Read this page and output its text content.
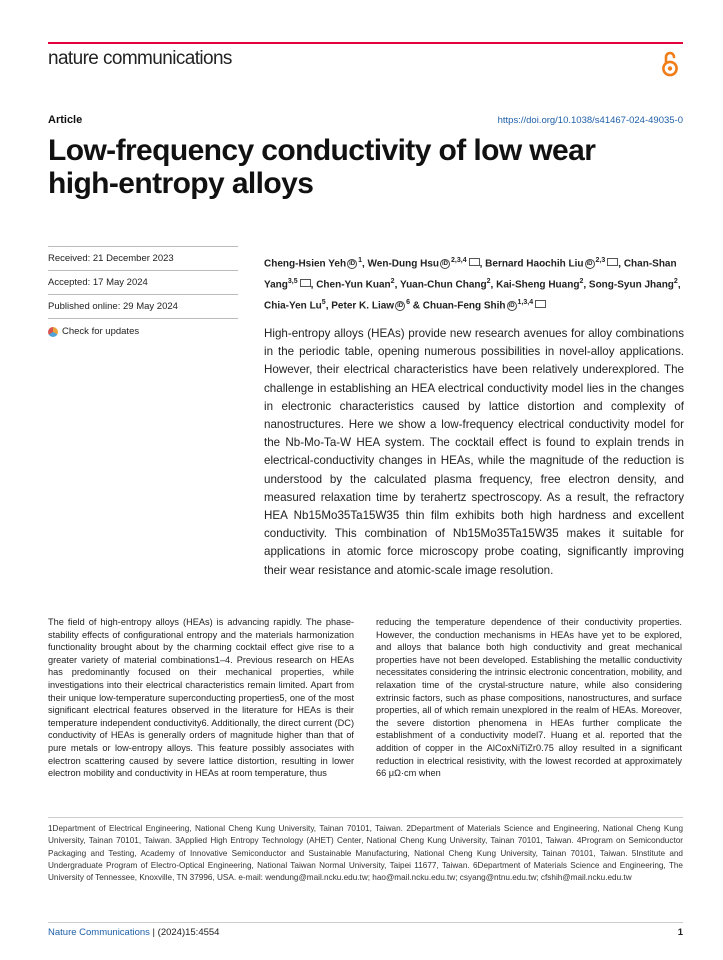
nature communications
Article	https://doi.org/10.1038/s41467-024-49035-0
Low-frequency conductivity of low wear high-entropy alloys
Received: 21 December 2023
Accepted: 17 May 2024
Published online: 29 May 2024
Check for updates
Cheng-Hsien Yeh $iD^1$, Wen-Dung Hsu iD$^{2,3,4}$ , Bernard Haochih Liu iD$^{2,3}$ , Chan-Shan Yang$^{3,5}$ , Chen-Yun Kuan$^2$, Yuan-Chun Chang$^2$, Kai-Sheng Huang$^2$, Song-Syun Jhang$^2$, Chia-Yen Lu$^5$, Peter K. Liaw $iD^6$ & Chuan-Feng Shih iD$^{1,3,4}$
High-entropy alloys (HEAs) provide new research avenues for alloy combinations in the periodic table, opening numerous possibilities in novel-alloy applications. However, their electrical characteristics have been relatively underexplored. The challenge in establishing an HEA electrical conductivity model lies in the changes in electronic characteristics caused by lattice distortion and complexity of nanostructures. Here we show a low-frequency electrical conductivity model for the Nb-Mo-Ta-W HEA system. The cocktail effect is found to explain trends in electrical-conductivity changes in HEAs, while the magnitude of the reduction is understood by the calculated plasma frequency, free electron density, and measured relaxation time by terahertz spectroscopy. As a result, the refractory HEA Nb15Mo35Ta15W35 thin film exhibits both high hardness and excellent conductivity. This combination of Nb15Mo35Ta15W35 makes it suitable for applications in atomic force microscopy probe coating, significantly improving their wear resistance and atomic-scale image resolution.
The field of high-entropy alloys (HEAs) is advancing rapidly. The phase-stability effects of configurational entropy and the materials harmonization functionality brought about by the charming cocktail effect give rise to a greater variety of material combinations1–4. Previous research on HEAs has predominantly focused on their mechanical properties, while investigations into their electrical characteristics remain limited. Apart from their unique low-temperature superconducting properties5, one of the most significant electrical features observed in the literature for HEAs is their temperature independent conductivity6. Additionally, the direct current (DC) conductivity of HEAs is generally orders of magnitude higher than that of pure metals or low-entropy alloys. This feature possibly associates with electron scattering caused by severe lattice distortion, resulting in lower electron mobility and conductivity in HEAs at room temperature, thus
reducing the temperature dependence of their conductivity properties. However, the conduction mechanisms in HEAs have yet to be explored, and alloys that balance both high conductivity and great mechanical properties have not been developed. Establishing the metallic conductivity necessitates considering the intrinsic electronic concentration, mobility, and relaxation time of the crystal-structure nature, while also considering extrinsic factors, such as phase compositions, nanostructures, and surface properties, all of which remain unexplored in the realm of HEAs. Moreover, the severe distortion phenomena in HEAs further complicate the establishment of a conductivity model7. Huang et al. reported that the addition of copper in the AlCoxNiTiZr0.75 alloy resulted in a significant reduction in electrical resistivity, with the lowest recorded at approximately 66 μΩ·cm when
1Department of Electrical Engineering, National Cheng Kung University, Tainan 70101, Taiwan. 2Department of Materials Science and Engineering, National Cheng Kung University, Tainan 70101, Taiwan. 3Applied High Entropy Technology (AHET) Center, National Cheng Kung University, Tainan 70101, Taiwan. 4Program on Semiconductor Packaging and Testing, Academy of Innovative Semiconductor and Sustainable Manufacturing, National Cheng Kung University, Tainan 70101, Taiwan. 5Institute and Undergraduate Program of Electro-Optical Engineering, National Taiwan Normal University, Taipei 11677, Taiwan. 6Department of Materials Science and Engineering, The University of Tennessee, Knoxville, TN 37996, USA. e-mail: wendung@mail.ncku.edu.tw; hao@mail.ncku.edu.tw; csyang@ntnu.edu.tw; cfshih@mail.ncku.edu.tw
Nature Communications | (2024)15:4554	1
